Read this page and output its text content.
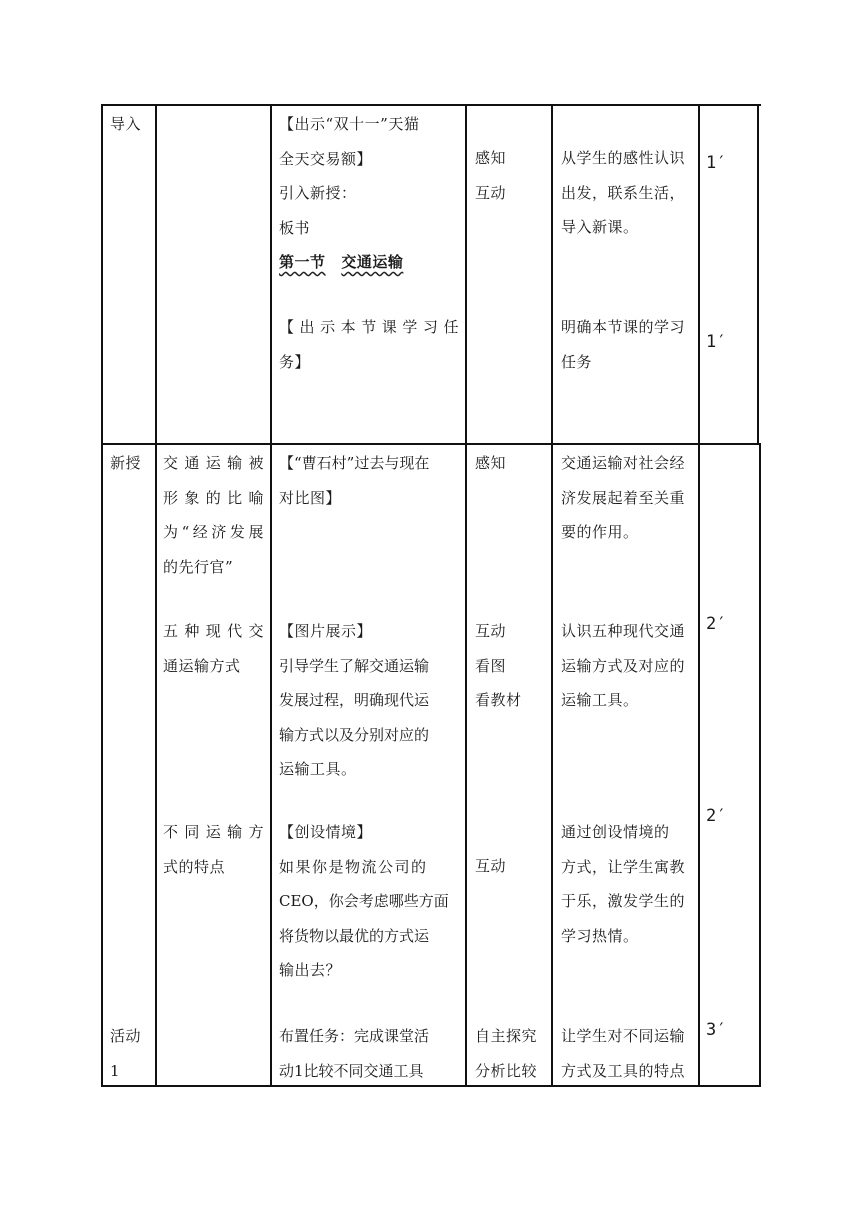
导入	【出示“双十一”天猫

全天交易额】

引入新授：

板书

第一节 交通运输

【出示本节课学习任

务】

感知

互动

从学生的感性认识

出发，联系生活，

导入新课。

明确本节课的学习

任务

1′
1′

新授 交通运输被

形象的比喻

为“经济发展

的先行官”

【“曹石村”过去与现在

对比图】

感知	交通运输对社会经

济发展起着至关重

要的作用。

五种现代交

通运输方式

【图片展示】

引导学生了解交通运输

发展过程，明确现代运

输方式以及分别对应的

运输工具。

互动

看图

看教材

认识五种现代交通

运输方式及对应的

运输工具。

2′

不同运输方

式的特点

【创设情境】

如果你是物流公司的

CEO，你会考虑哪些方面

将货物以最优的方式运

输出去？

互动

通过创设情境的

方式，让学生寓教

于乐，激发学生的

学习热情。

2′

活动

1

布置任务：完成课堂活

动1比较不同交通工具

自主探究

分析比较

让学生对不同运输

方式及工具的特点

3′
